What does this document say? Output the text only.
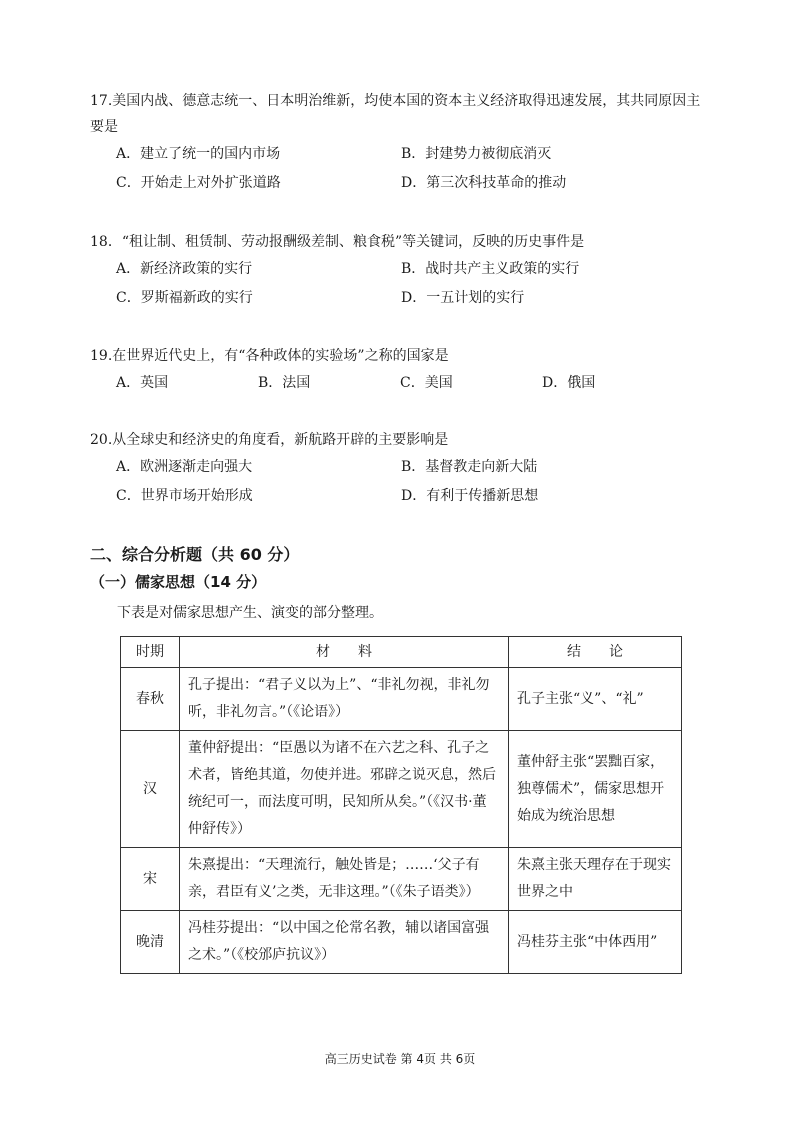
17.美国内战、德意志统一、日本明治维新，均使本国的资本主义经济取得迅速发展，其共同原因主要是
A．建立了统一的国内市场	B．封建势力被彻底消灭
C．开始走上对外扩张道路	D．第三次科技革命的推动
18．“租让制、租赁制、劳动报酬级差制、粮食税”等关键词，反映的历史事件是
A．新经济政策的实行	B．战时共产主义政策的实行
C．罗斯福新政的实行	D．一五计划的实行
19.在世界近代史上，有“各种政体的实验场”之称的国家是
A．英国	B．法国	C．美国	D．俄国
20.从全球史和经济史的角度看，新航路开辟的主要影响是
A．欧洲逐渐走向强大	B．基督教走向新大陆
C．世界市场开始形成	D．有利于传播新思想
二、综合分析题（共 60 分）
（一）儒家思想（14 分）
下表是对儒家思想产生、演变的部分整理。
时期	材　　料	结　　论
春秋	孔子提出：“君子义以为上”、“非礼勿视，非礼勿听，非礼勿言。”（《论语》）	孔子主张“义”、“礼”
汉	董仲舒提出：“臣愚以为诸不在六艺之科、孔子之术者，皆绝其道，勿使并进。邪辟之说灭息，然后统纪可一，而法度可明，民知所从矣。”（《汉书·董仲舒传》）	董仲舒主张“罢黜百家，独尊儒术”，儒家思想开始成为统治思想
宋	朱熹提出：“天理流行，触处皆是；……‘父子有亲，君臣有义’之类，无非这理。”（《朱子语类》）	朱熹主张天理存在于现实世界之中
晚清	冯桂芬提出：“以中国之伦常名教，辅以诸国富强之术。”（《校邠庐抗议》）	冯桂芬主张“中体西用”
高三历史试卷 第 4页 共 6页
